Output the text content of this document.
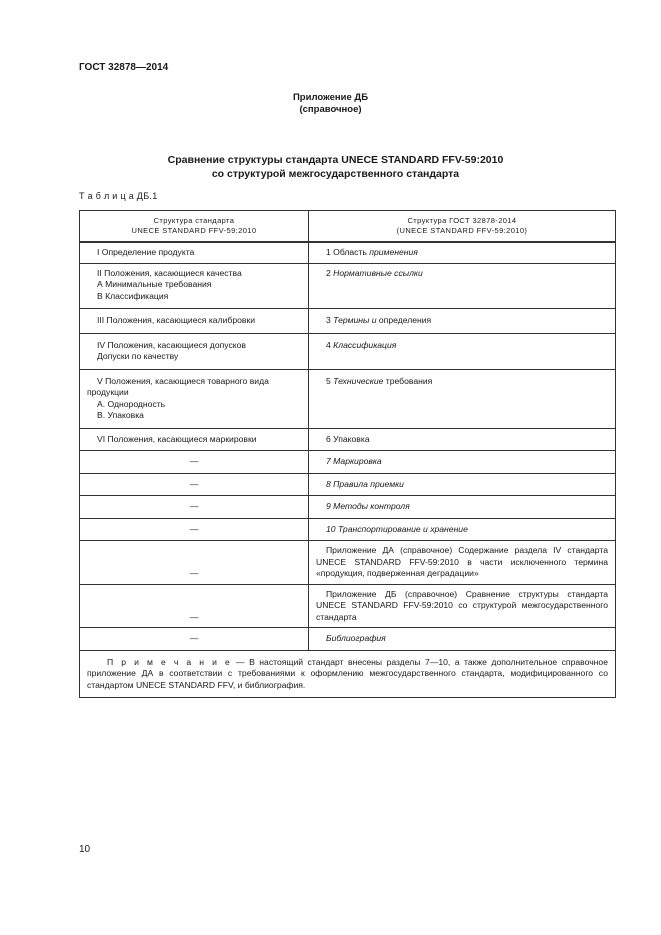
ГОСТ 32878—2014
Приложение ДБ
(справочное)
Сравнение структуры стандарта UNECE STANDARD FFV-59:2010
со структурой межгосударственного стандарта
Т а б л и ц а ДБ.1
Структура стандарта
UNECE STANDARD FFV-59:2010	Структура ГОСТ 32878-2014
(UNECE STANDARD FFV-59:2010)

I Определение продукта	1 Область применения

II Положения, касающиеся качества
А Минимальные требования
В Классификация	2 Нормативные ссылки

III Положения, касающиеся калибровки	3 Термины и определения

IV Положения, касающиеся допусков
Допуски по качеству	4 Классификация

V Положения, касающиеся товарного вида продукции
А. Однородность
В. Упаковка	5 Технические требования

VI Положения, касающиеся маркировки	6 Упаковка

—	7 Маркировка

—	8 Правила приемки

—	9 Методы контроля

—	10 Транспортирование и хранение

—	Приложение ДА (справочное) Содержание раздела IV стандарта UNECE STANDARD FFV-59:2010 в части исключенного термина «продукция, подверженная деградации»
—	Приложение ДБ (справочное) Сравнение структуры стандарта UNECE STANDARD FFV-59:2010 со структурой межгосударственного стандарта
—	Библиография

П р и м е ч а н и е — В настоящий стандарт внесены разделы 7—10, а также дополнительное справочное приложение ДА в соответствии с требованиями к оформлению межгосударственного стандарта, модифицированного со стандартом UNECE STANDARD FFV, и библиография.	
10
